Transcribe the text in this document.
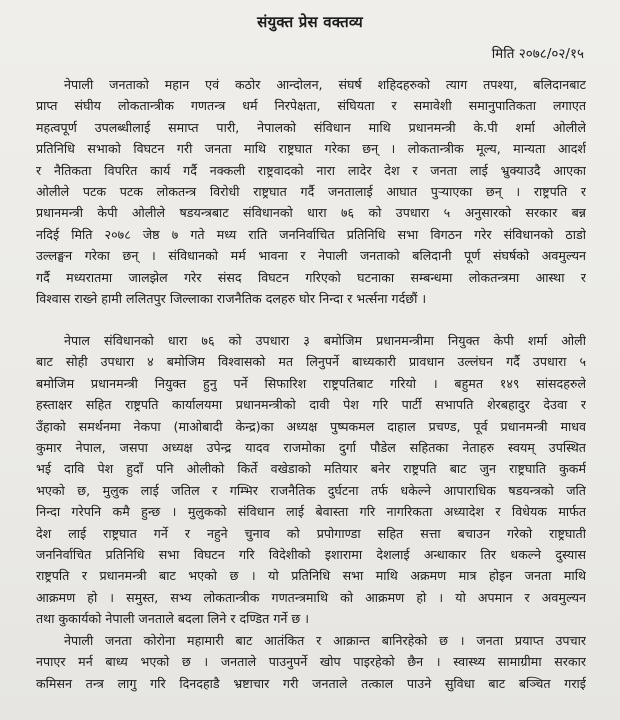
संयुक्त प्रेस वक्तव्य
मिति २०७८/०२/१५
नेपाली जनताको महान एवं कठोर आन्दोलन, संघर्ष शहिदहरुको त्याग तपश्या, बलिदानबाट
प्राप्त संघीय लोकतान्त्रीक गणतन्त्र धर्म निरपेक्षता, संघियता र समावेशी समानुपातिकता लगाएत
महत्वपूर्ण उपलब्धीलाई समाप्त पारी, नेपालको संविधान माथि प्रधानमन्त्री के.पी शर्मा ओलीले
प्रतिनिधि सभाको विघटन गरी जनता माथि राष्ट्रघात गरेका छन् । लोकतान्त्रीक मूल्य, मान्यता आदर्श
र नैतिकता विपरित कार्य गर्दै नक्कली राष्ट्रवादको नारा लादेर देश र जनता लाई भ्रुक्याउदै आएका
ओलीले पटक पटक लोकतन्त्र विरोधी राष्ट्रघात गर्दै जनतालाई आघात पुऱ्याएका छन् । राष्ट्रपति र
प्रधानमन्त्री केपी ओलीले षडयन्त्रबाट संविधानको धारा ७६ को उपधारा ५ अनुसारको सरकार बन्न
नदिई मिति २०७८ जेष्ठ ७ गते मध्य राति जननिर्वाचित प्रतिनिधि सभा विगठन गरेर संविधानको ठाडो
उल्लङ्घन गरेका छन् । संविधानको मर्म भावना र नेपाली जनताको बलिदानी पूर्ण संघर्षको अवमुल्यन
गर्दै मध्यरातमा जालझेल गरेर संसद विघटन गरिएको घटनाका सम्बन्धमा लोकतन्त्रमा आस्था र
विश्वास राख्ने हामी ललितपुर जिल्लाका राजनैतिक दलहरु घोर निन्दा र भर्त्सना गर्दछौं ।
नेपाल संविधानको धारा ७६ को उपधारा ३ बमोजिम प्रधानमन्त्रीमा नियुक्त केपी शर्मा ओली
बाट सोही उपधारा ४ बमोजिम विश्वासको मत लिनुपर्ने बाध्यकारी प्रावधान उल्लंघन गर्दै उपधारा ५
बमोजिम प्रधानमन्त्री नियुक्त हुनु पर्ने सिफारिश राष्ट्रपतिबाट गरियो । बहुमत १४९ सांसदहरुले
हस्ताक्षर सहित राष्ट्रपति कार्यालयमा प्रधानमन्त्रीको दावी पेश गरि पार्टी सभापति शेरबहादुर देउवा र
उँहाको समर्थनमा नेकपा (माओबादी केन्द्र)का अध्यक्ष पुष्पकमल दाहाल प्रचण्ड, पूर्व प्रधानमन्त्री माधव
कुमार नेपाल, जसपा अध्यक्ष उपेन्द्र यादव राजमोका दुर्गा पौडेल सहितका नेताहरु स्वयम् उपस्थित
भई दावि पेश हुदाँ पनि ओलीको किर्ते वखेडाको मतियार बनेर राष्ट्रपति बाट जुन राष्ट्रघाति कुकर्म
भएको छ, मुलुक लाई जतिल र गम्भिर राजनैतिक दुर्घटना तर्फ धकेल्ने आपाराधिक षडयन्त्रको जति
निन्दा गरेपनि कमै हुन्छ । मुलुकको संविधान लाई बेवास्ता गरि नागरिकता अध्यादेश र विधेयक मार्फत
देश लाई राष्ट्रघात गर्ने र नहुने चुनाव को प्रपोगाण्डा सहित सत्ता बचाउन गरेको राष्ट्रघाती
जननिर्वाचित प्रतिनिधि सभा विघटन गरि विदेशीको इशारामा देशलाई अन्धाकार तिर धकल्ने दुस्यास
राष्ट्रपति र प्रधानमन्त्री बाट भएको छ । यो प्रतिनिधि सभा माथि अक्रमण मात्र होइन जनता माथि
आक्रमण हो । समुस्त, सभ्य लोकतान्त्रीक गणतन्त्रमाथि को आक्रमण हो । यो अपमान र अवमुल्यन
तथा कुकार्यको नेपाली जनताले बदला लिने र दण्डित गर्ने छ ।
नेपाली जनता कोरोना महामारी बाट आतंकित र आक्रान्त बानिरहेको छ । जनता प्रयाप्त उपचार
नपाएर मर्न बाध्य भएको छ । जनताले पाउनुपर्ने खोप पाइरहेको छैन । स्वास्थ्य सामाग्रीमा सरकार
कमिसन तन्त्र लागु गरि दिनदहाडै भ्रष्टाचार गरी जनताले तत्काल पाउने सुविधा बाट बञ्चित गराई
